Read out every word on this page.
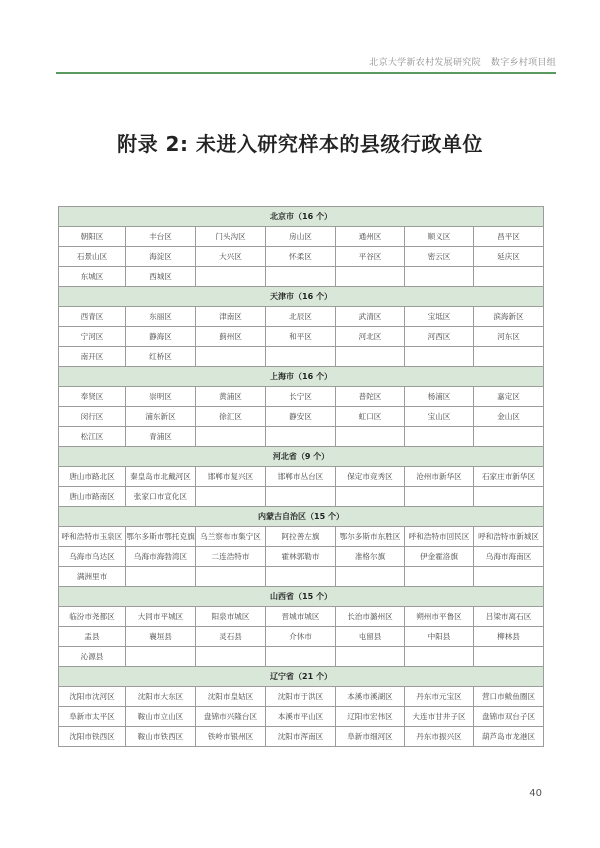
北京大学新农村发展研究院 数字乡村项目组
附录 2: 未进入研究样本的县级行政单位
北京市（16 个）						
朝阳区	丰台区	门头沟区	房山区	通州区	顺义区	昌平区
石景山区	海淀区	大兴区	怀柔区	平谷区	密云区	延庆区
东城区	西城区					
天津市（16 个）						
西青区	东丽区	津南区	北辰区	武清区	宝坻区	滨海新区
宁河区	静海区	蓟州区	和平区	河北区	河西区	河东区
南开区	红桥区					
上海市（16 个）						
奉贤区	崇明区	黄浦区	长宁区	普陀区	杨浦区	嘉定区
闵行区	浦东新区	徐汇区	静安区	虹口区	宝山区	金山区
松江区	青浦区					
河北省（9 个）						
唐山市路北区	秦皇岛市北戴河区	邯郸市复兴区	邯郸市丛台区	保定市竞秀区	沧州市新华区	石家庄市新华区
唐山市路南区	张家口市宣化区					
内蒙古自治区（15 个）						
呼和浩特市玉泉区	鄂尔多斯市鄂托克旗	乌兰察布市集宁区	阿拉善左旗	鄂尔多斯市东胜区	呼和浩特市回民区	呼和浩特市新城区
乌海市乌达区	乌海市海勃湾区	二连浩特市	霍林郭勒市	准格尔旗	伊金霍洛旗	乌海市海南区
满洲里市						
山西省（15 个）						
临汾市尧都区	大同市平城区	阳泉市城区	晋城市城区	长治市潞州区	朔州市平鲁区	吕梁市离石区
盂县	襄垣县	灵石县	介休市	屯留县	中阳县	柳林县
沁源县						
辽宁省（21 个）						
沈阳市沈河区	沈阳市大东区	沈阳市皇姑区	沈阳市于洪区	本溪市溪湖区	丹东市元宝区	营口市鲅鱼圈区
阜新市太平区	鞍山市立山区	盘锦市兴隆台区	本溪市平山区	辽阳市宏伟区	大连市甘井子区	盘锦市双台子区
沈阳市铁西区	鞍山市铁西区	铁岭市银州区	沈阳市浑南区	阜新市细河区	丹东市振兴区	葫芦岛市龙港区
40
